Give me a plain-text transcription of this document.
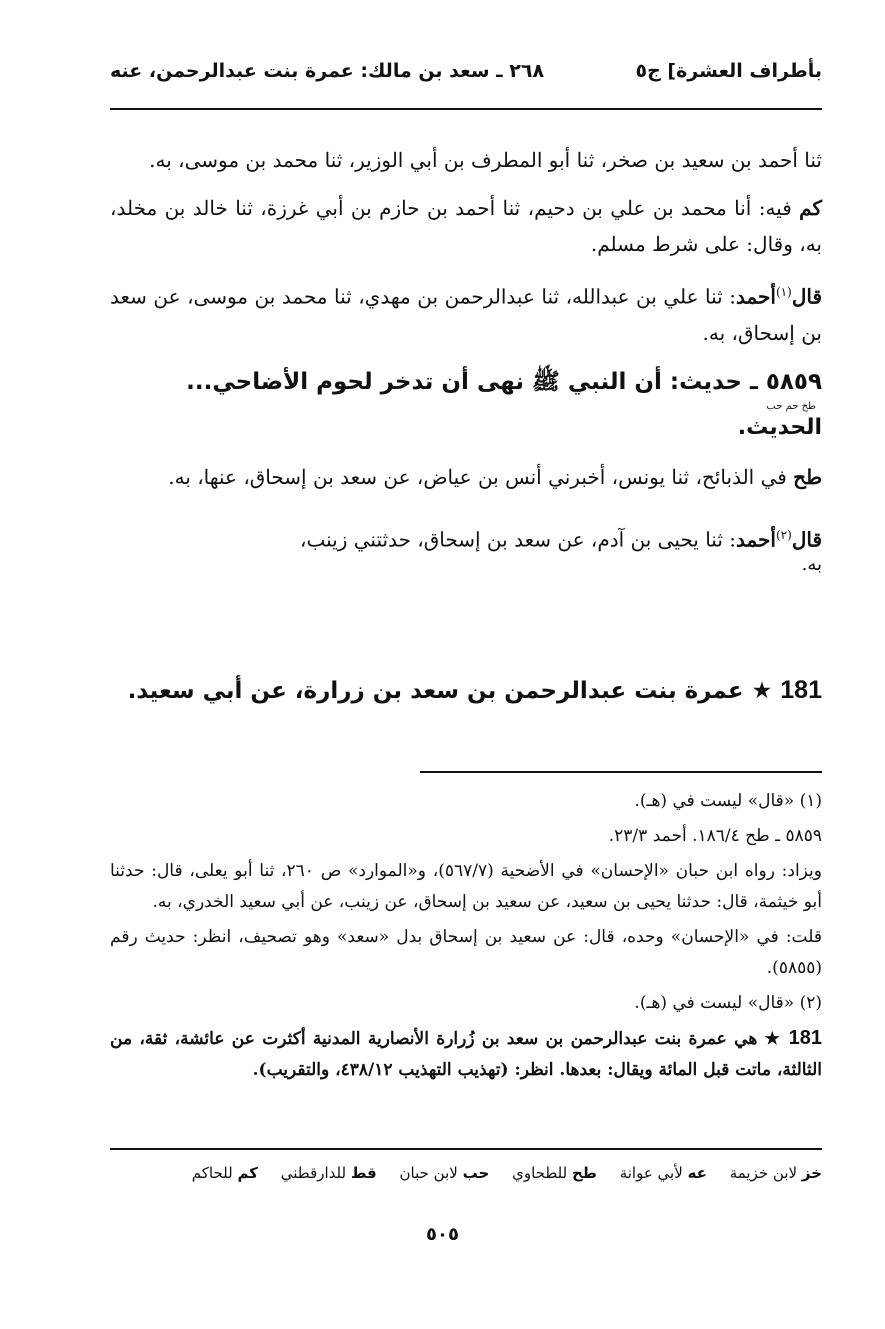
بأطراف العشرة] ج٥
٢٦٨ ـ سعد بن مالك: عمرة بنت عبدالرحمن، عنه

ثنا أحمد بن سعيد بن صخر، ثنا أبو المطرف بن أبي الوزير، ثنا محمد بن موسى، به.

كم فيه: أنا محمد بن علي بن دحيم، ثنا أحمد بن حازم بن أبي غرزة، ثنا خالد بن مخلد، به، وقال: على شرط مسلم.

قال$^{(١)}$أحمد: ثنا علي بن عبدالله، ثنا عبدالرحمن بن مهدي، ثنا محمد بن موسى، عن سعد بن إسحاق، به.

٥٨٥٩ ـ حديث: أن النبي ﷺ نهى أن تدخر لحوم الأضاحي...

طح حم حب

الحديث.

طح في الذبائح، ثنا يونس، أخبرني أنس بن عياض، عن سعد بن إسحاق، عنها، به.

قال$^{(٢)}$أحمد: ثنا يحيى بن آدم، عن سعد بن إسحاق، حدثتني زينب،
به.

181 ★ عمرة بنت عبدالرحمن بن سعد بن زرارة، عن أبي سعيد.

(١) «قال» ليست في (هـ).

٥٨٥٩ ـ طح ١٨٦/٤. أحمد ٢٣/٣.

ويزاد: رواه ابن حبان «الإحسان» في الأضحية (٥٦٧/٧)، و«الموارد» ص ٢٦٠، ثنا أبو يعلى، قال: حدثنا أبو خيثمة، قال: حدثنا يحيى بن سعيد، عن سعيد بن إسحاق، عن زينب، عن أبي سعيد الخدري، به.

قلت: في «الإحسان» وحده، قال: عن سعيد بن إسحاق بدل «سعد» وهو تصحيف، انظر: حديث رقم (٥٨٥٥).

(٢) «قال» ليست في (هـ).

181 ★ هي عمرة بنت عبدالرحمن بن سعد بن زُرارة الأنصارية المدنية أكثرت عن عائشة، ثقة، من الثالثة، ماتت قبل المائة ويقال: بعدها. انظر: (تهذيب التهذيب ٤٣٨/١٢، والتقريب).

خز لابن خزيمة عه لأبي عوانة طح للطحاوي حب لابن حبان قط للدارقطني كم للحاكم
٥٠٥
